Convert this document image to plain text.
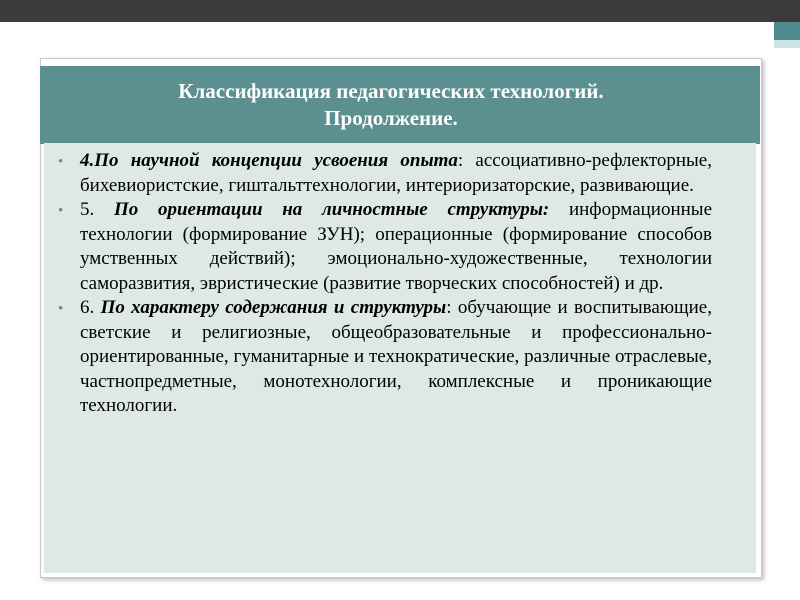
Классификация педагогических технологий.
Продолжение.
• 4.По научной концепции усвоения опыта: ассоциативно-рефлекторные, бихевиористские, гиштальттехнологии, интериоризаторские, развивающие.

• 5. По ориентации на личностные структуры: информационные технологии (формирование ЗУН); операционные (формирование способов умственных действий); эмоционально-художественные, технологии саморазвития, эвристические (развитие творческих способностей) и др.

• 6. По характеру содержания и структуры: обучающие и воспитывающие, светские и религиозные, общеобразовательные и профессионально-ориентированные, гуманитарные и технократические, различные отраслевые, частнопредметные, монотехнологии, комплексные и проникающие технологии.
